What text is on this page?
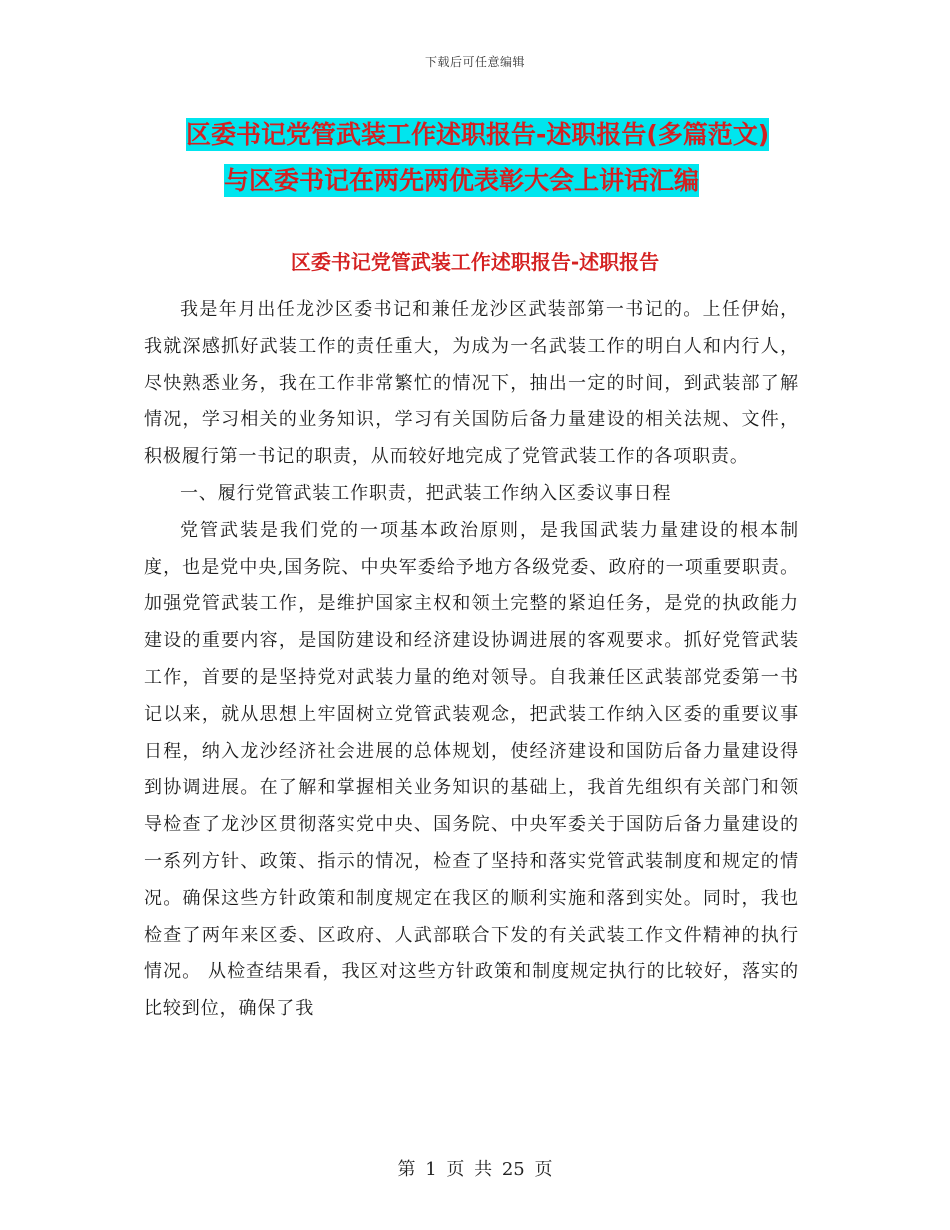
下载后可任意编辑
区委书记党管武装工作述职报告-述职报告(多篇范文)
与区委书记在两先两优表彰大会上讲话汇编
区委书记党管武装工作述职报告-述职报告

我是年月出任龙沙区委书记和兼任龙沙区武装部第一书记的。上任伊始，我就深感抓好武装工作的责任重大，为成为一名武装工作的明白人和内行人，尽快熟悉业务，我在工作非常繁忙的情况下，抽出一定的时间，到武装部了解情况，学习相关的业务知识，学习有关国防后备力量建设的相关法规、文件，积极履行第一书记的职责，从而较好地完成了党管武装工作的各项职责。

一、履行党管武装工作职责，把武装工作纳入区委议事日程

党管武装是我们党的一项基本政治原则，是我国武装力量建设的根本制度，也是党中央,国务院、中央军委给予地方各级党委、政府的一项重要职责。加强党管武装工作，是维护国家主权和领土完整的紧迫任务，是党的执政能力建设的重要内容，是国防建设和经济建设协调进展的客观要求。抓好党管武装工作，首要的是坚持党对武装力量的绝对领导。自我兼任区武装部党委第一书记以来，就从思想上牢固树立党管武装观念，把武装工作纳入区委的重要议事日程，纳入龙沙经济社会进展的总体规划，使经济建设和国防后备力量建设得到协调进展。在了解和掌握相关业务知识的基础上，我首先组织有关部门和领导检查了龙沙区贯彻落实党中央、国务院、中央军委关于国防后备力量建设的一系列方针、政策、指示的情况，检查了坚持和落实党管武装制度和规定的情况。确保这些方针政策和制度规定在我区的顺利实施和落到实处。同时，我也检查了两年来区委、区政府、人武部联合下发的有关武装工作文件精神的执行情况。 从检查结果看，我区对这些方针政策和制度规定执行的比较好，落实的比较到位，确保了我

第 1 页 共 25 页
